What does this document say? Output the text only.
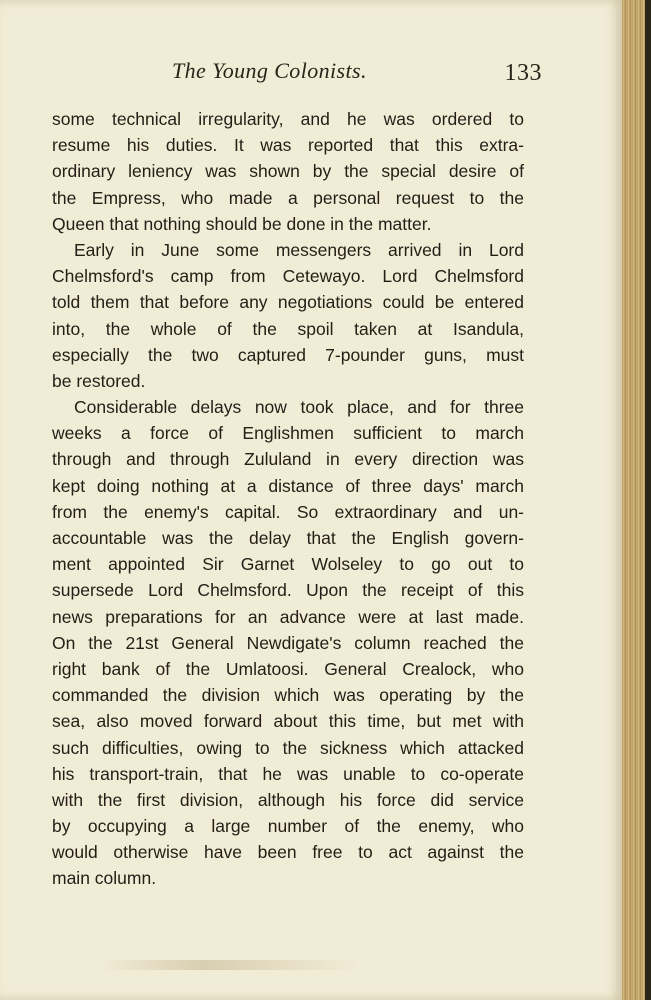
The Young Colonists.	133
some technical irregularity, and he was ordered to
resume his duties. It was reported that this extra-
ordinary leniency was shown by the special desire of
the Empress, who made a personal request to the
Queen that nothing should be done in the matter.
Early in June some messengers arrived in Lord
Chelmsford's camp from Cetewayo. Lord Chelmsford
told them that before any negotiations could be entered
into, the whole of the spoil taken at Isandula,
especially the two captured 7-pounder guns, must
be restored.
Considerable delays now took place, and for three
weeks a force of Englishmen sufficient to march
through and through Zululand in every direction was
kept doing nothing at a distance of three days' march
from the enemy's capital. So extraordinary and un-
accountable was the delay that the English govern-
ment appointed Sir Garnet Wolseley to go out to
supersede Lord Chelmsford. Upon the receipt of this
news preparations for an advance were at last made.
On the 21st General Newdigate's column reached the
right bank of the Umlatoosi. General Crealock, who
commanded the division which was operating by the
sea, also moved forward about this time, but met with
such difficulties, owing to the sickness which attacked
his transport-train, that he was unable to co-operate
with the first division, although his force did service
by occupying a large number of the enemy, who
would otherwise have been free to act against the
main column.
